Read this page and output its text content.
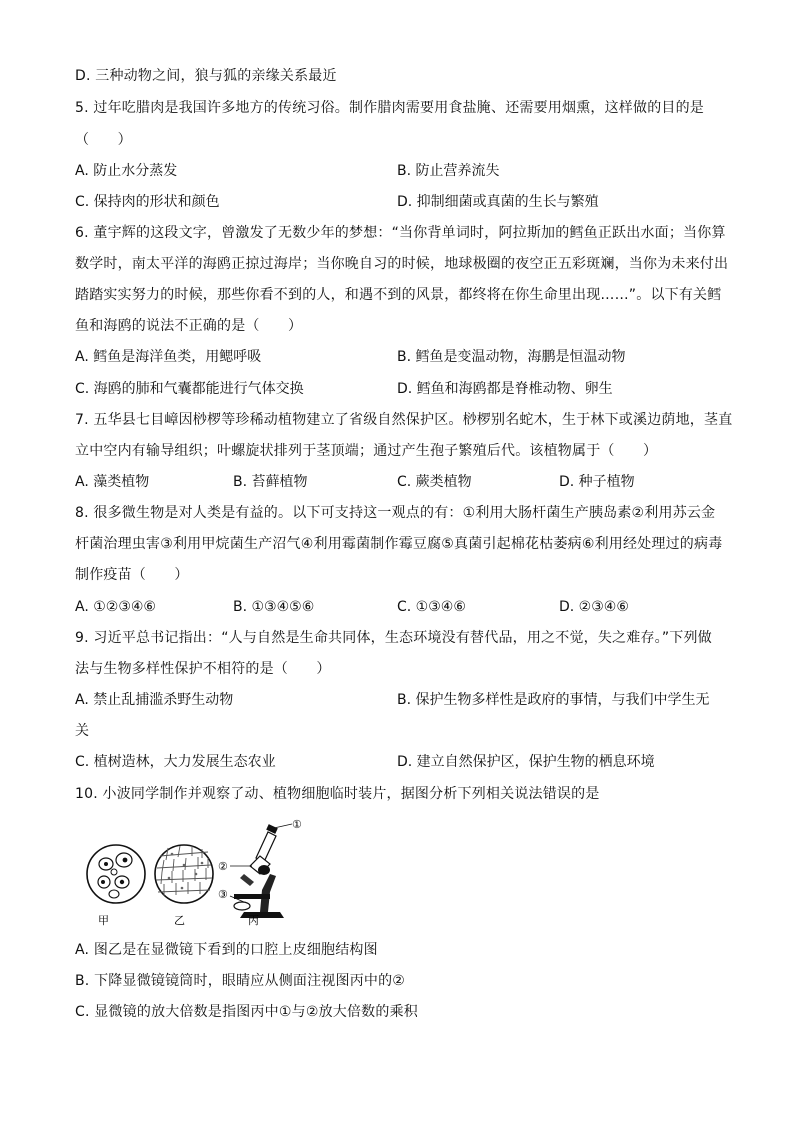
D. 三种动物之间，狼与狐的亲缘关系最近
5. 过年吃腊肉是我国许多地方的传统习俗。制作腊肉需要用食盐腌、还需要用烟熏，这样做的目的是
（　　）
A. 防止水分蒸发	B. 防止营养流失
C. 保持肉的形状和颜色	D. 抑制细菌或真菌的生长与繁殖
6. 董宇辉的这段文字，曾激发了无数少年的梦想：“当你背单词时，阿拉斯加的鳕鱼正跃出水面；当你算
数学时，南太平洋的海鸥正掠过海岸；当你晚自习的时候，地球极圈的夜空正五彩斑斓，当你为未来付出
踏踏实实努力的时候，那些你看不到的人，和遇不到的风景，都终将在你生命里出现……”。以下有关鳕
鱼和海鸥的说法不正确的是（　　）
A. 鳕鱼是海洋鱼类，用鳃呼吸	B. 鳕鱼是变温动物，海鹏是恒温动物
C. 海鸥的肺和气囊都能进行气体交换	D. 鳕鱼和海鸥都是脊椎动物、卵生
7. 五华县七目嶂因桫椤等珍稀动植物建立了省级自然保护区。桫椤别名蛇木，生于林下或溪边荫地，茎直
立中空内有输导组织；叶螺旋状排列于茎顶端；通过产生孢子繁殖后代。该植物属于（　　）
A. 藻类植物	B. 苔藓植物	C. 蕨类植物	D. 种子植物
8. 很多微生物是对人类是有益的。以下可支持这一观点的有：①利用大肠杆菌生产胰岛素②利用苏云金
杆菌治理虫害③利用甲烷菌生产沼气④利用霉菌制作霉豆腐⑤真菌引起棉花枯萎病⑥利用经处理过的病毒
制作疫苗（　　）
A. ①②③④⑥	B. ①③④⑤⑥	C. ①③④⑥	D. ②③④⑥
9. 习近平总书记指出：“人与自然是生命共同体，生态环境没有替代品，用之不觉，失之难存。”下列做
法与生物多样性保护不相符的是（　　）
A. 禁止乱捕滥杀野生动物	B. 保护生物多样性是政府的事情，与我们中学生无
关
C. 植树造林，大力发展生态农业	D. 建立自然保护区，保护生物的栖息环境
10. 小波同学制作并观察了动、植物细胞临时装片，据图分析下列相关说法错误的是
甲	乙
①
②
③
丙
A. 图乙是在显微镜下看到的口腔上皮细胞结构图
B. 下降显微镜镜筒时，眼睛应从侧面注视图丙中的②
C. 显微镜的放大倍数是指图丙中①与②放大倍数的乘积
